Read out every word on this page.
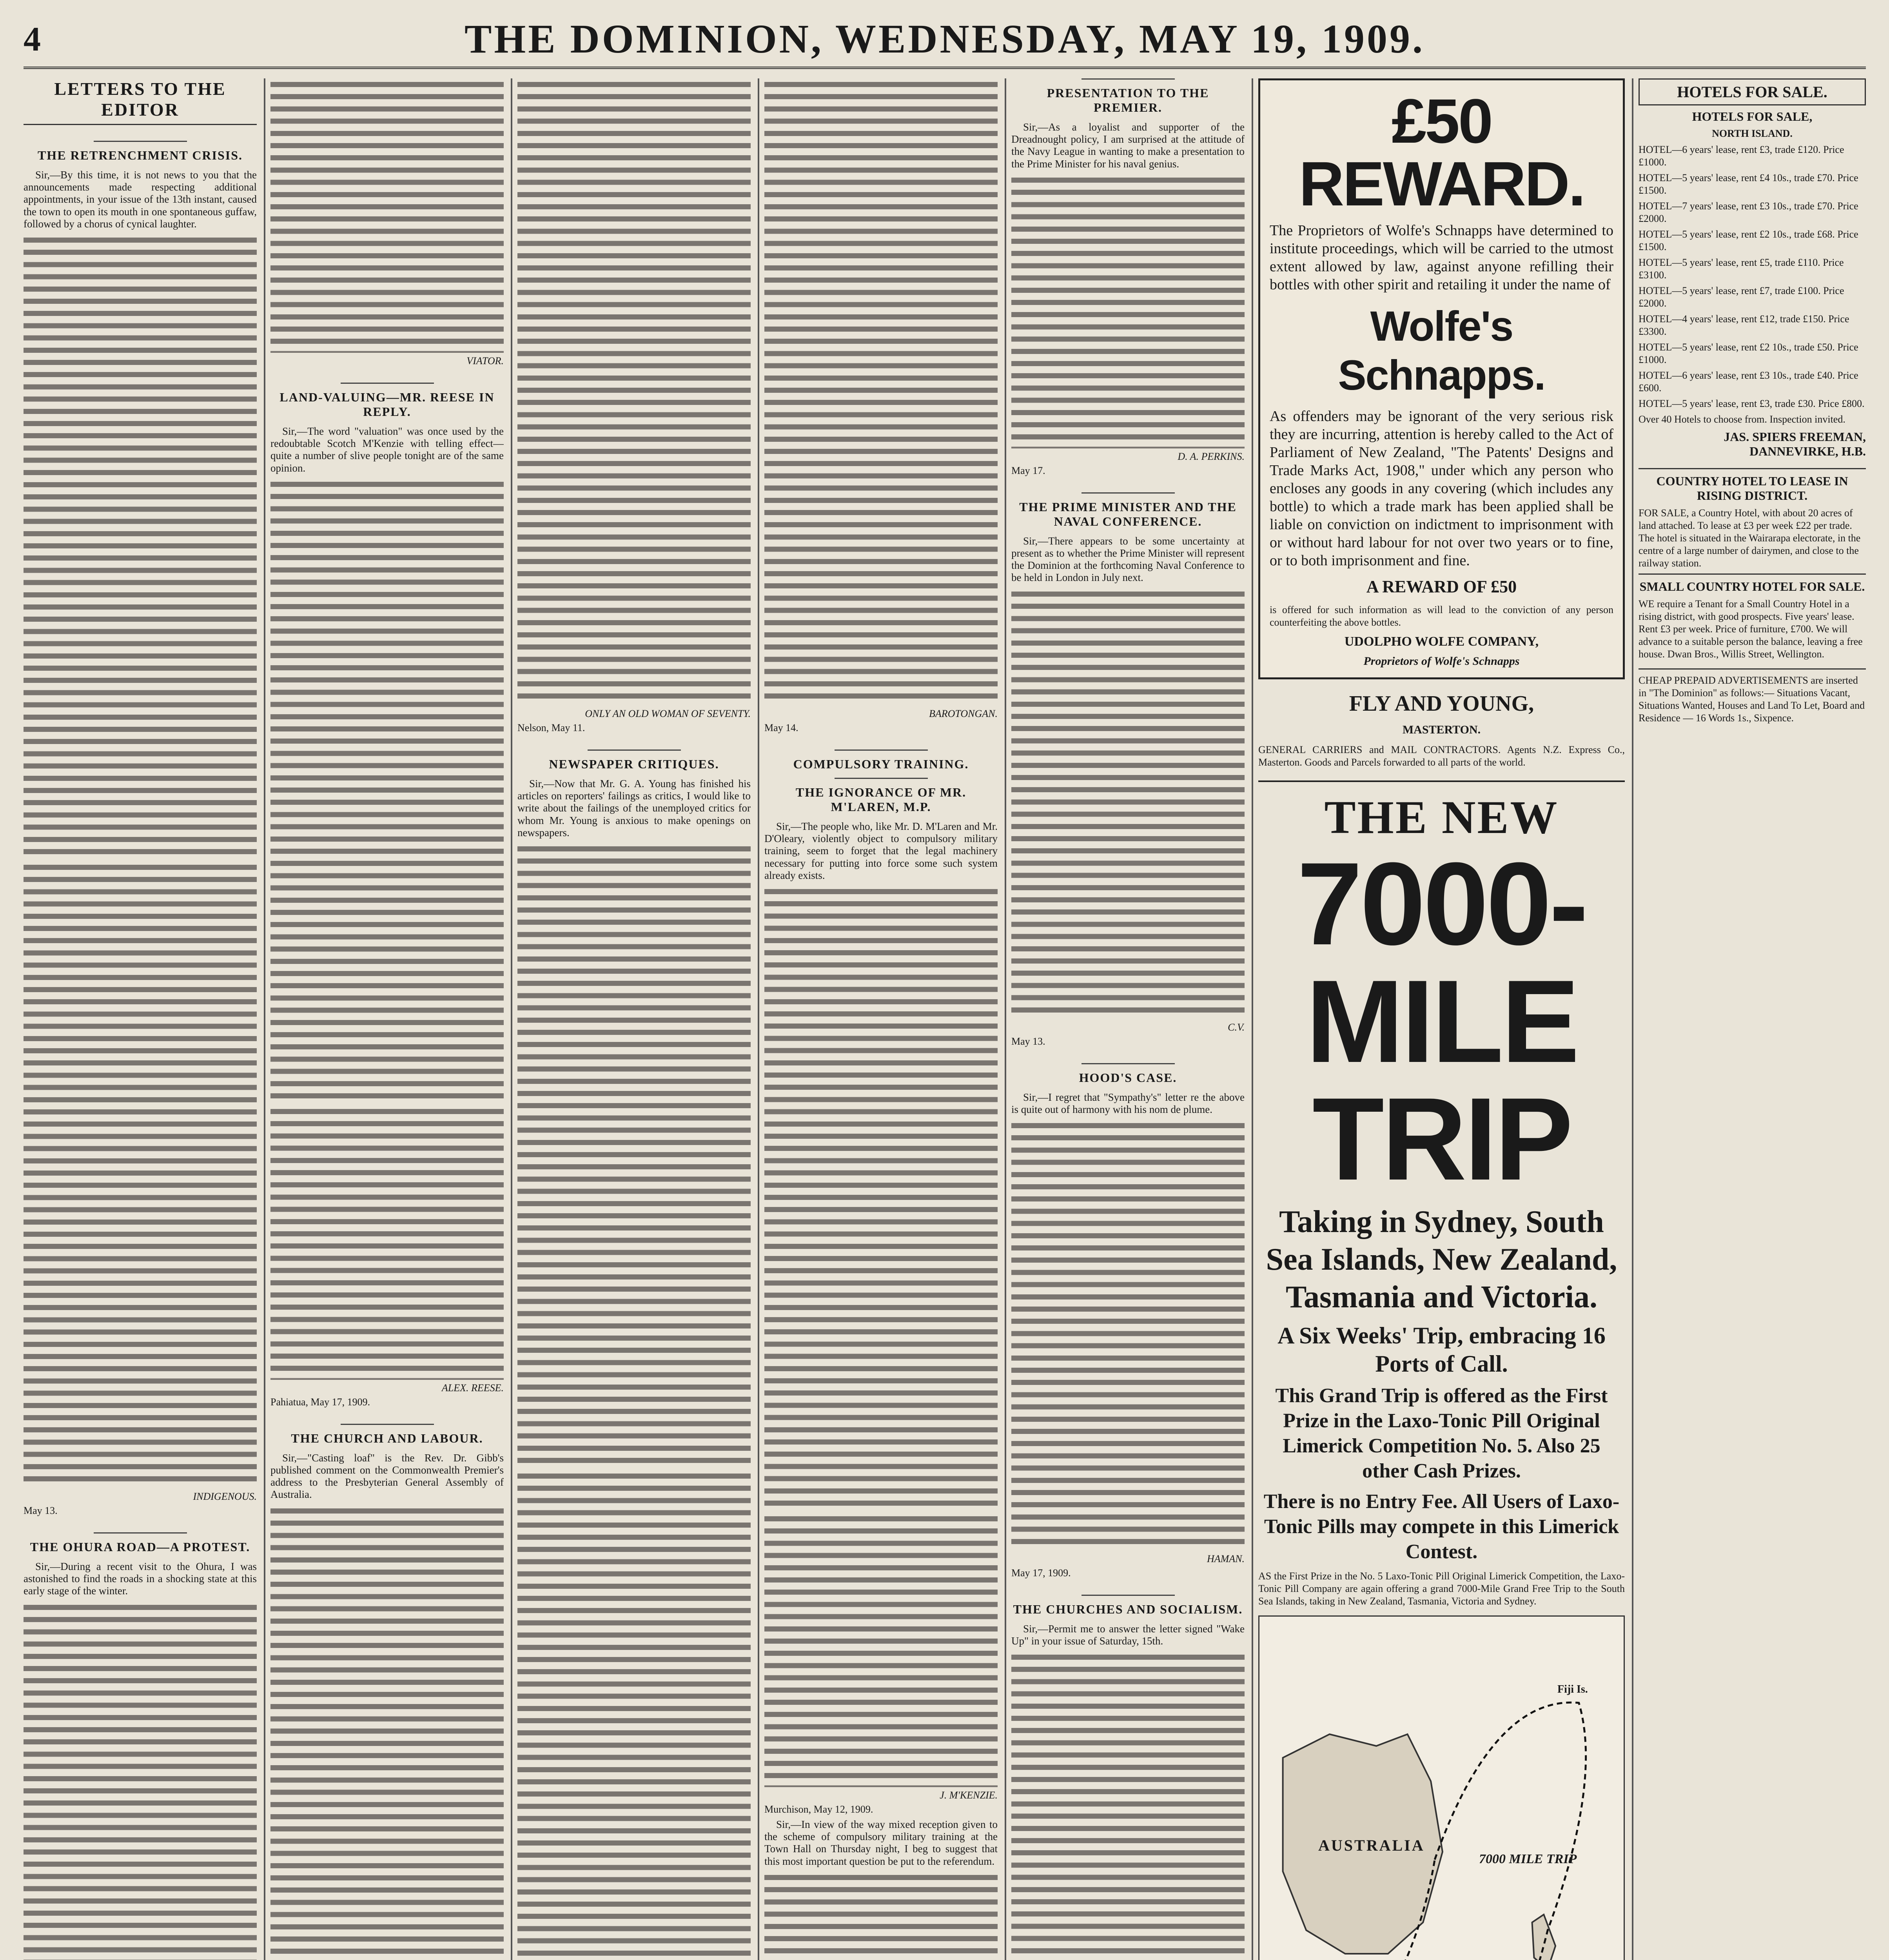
THE DOMINION, WEDNESDAY, MAY 19, 1909.
4
LETTERS TO THE EDITOR
THE RETRENCHMENT CRISIS.

Sir,—By this time, it is not news to you that the announcements made respecting additional appointments, in your issue of the 13th instant, caused the town to open its mouth in one spontaneous guffaw, followed by a chorus of cynical laughter.

INDIGENOUS.
May 13.
THE OHURA ROAD—A PROTEST.

Sir,—During a recent visit to the Ohura, I was astonished to find the roads in a shocking state at this early stage of the winter.

VIATOR.
LAND-VALUING—MR. REESE IN REPLY.

Sir,—The word "valuation" was once used by the redoubtable Scotch M'Kenzie with telling effect—quite a number of slive people tonight are of the same opinion.

ALEX. REESE.
Pahiatua, May 17, 1909.
THE CHURCH AND LABOUR.

Sir,—"Casting loaf" is the Rev. Dr. Gibb's published comment on the Commonwealth Premier's address to the Presbyterian General Assembly of Australia.

ONLY AN OLD WOMAN OF SEVENTY.
Nelson, May 11.
NEWSPAPER CRITIQUES.

Sir,—Now that Mr. G. A. Young has finished his articles on reporters' failings as critics, I would like to write about the failings of the unemployed critics for whom Mr. Young is anxious to make openings on newspapers.

BAROTONGAN.
May 14.
COMPULSORY TRAINING.
THE IGNORANCE OF MR. M'LAREN, M.P.

Sir,—The people who, like Mr. D. M'Laren and Mr. D'Oleary, violently object to compulsory military training, seem to forget that the legal machinery necessary for putting into force some such system already exists.

J. M'KENZIE.
Murchison, May 12, 1909.

Sir,—In view of the way mixed reception given to the scheme of compulsory military training at the Town Hall on Thursday night, I beg to suggest that this most important question be put to the referendum.

PRESENTATION TO THE PREMIER.

Sir,—As a loyalist and supporter of the Dreadnought policy, I am surprised at the attitude of the Navy League in wanting to make a presentation to the Prime Minister for his naval genius.

D. A. PERKINS.
May 17.
THE PRIME MINISTER AND THE NAVAL CONFERENCE.

Sir,—There appears to be some uncertainty at present as to whether the Prime Minister will represent the Dominion at the forthcoming Naval Conference to be held in London in July next.

C.V.
May 13.
HOOD'S CASE.

Sir,—I regret that "Sympathy's" letter re the above is quite out of harmony with his nom de plume.

HAMAN.
May 17, 1909.
THE CHURCHES AND SOCIALISM.

Sir,—Permit me to answer the letter signed "Wake Up" in your issue of Saturday, 15th.

£50 REWARD.
The Proprietors of Wolfe's Schnapps have determined to institute proceedings, which will be carried to the utmost extent allowed by law, against anyone refilling their bottles with other spirit and retailing it under the name of
Wolfe's Schnapps.
As offenders may be ignorant of the very serious risk they are incurring, attention is hereby called to the Act of Parliament of New Zealand, "The Patents' Designs and Trade Marks Act, 1908," under which any person who encloses any goods in any covering (which includes any bottle) to which a trade mark has been applied shall be liable on conviction on indictment to imprisonment with or without hard labour for not over two years or to fine, or to both imprisonment and fine.
A REWARD OF £50
is offered for such information as will lead to the conviction of any person counterfeiting the above bottles.
UDOLPHO WOLFE COMPANY,
Proprietors of Wolfe's Schnapps
FLY AND YOUNG,
MASTERTON.
GENERAL CARRIERS and MAIL CONTRACTORS. Agents N.Z. Express Co., Masterton. Goods and Parcels forwarded to all parts of the world.
THE NEW
7000-MILE TRIP
Taking in Sydney, South Sea Islands, New Zealand, Tasmania and Victoria.
A Six Weeks' Trip, embracing 16 Ports of Call.
This Grand Trip is offered as the First Prize in the Laxo-Tonic Pill Original Limerick Competition No. 5. Also 25 other Cash Prizes.
There is no Entry Fee. All Users of Laxo-Tonic Pills may compete in this Limerick Contest.
AS the First Prize in the No. 5 Laxo-Tonic Pill Original Limerick Competition, the Laxo-Tonic Pill Company are again offering a grand 7000-Mile Grand Free Trip to the South Sea Islands, taking in New Zealand, Tasmania, Victoria and Sydney.
Fiji Is.
AUSTRALIA
7000 MILE TRIP
HOTELS FOR SALE.
HOTELS FOR SALE,
NORTH ISLAND.
HOTEL—6 years' lease, rent £3, trade £120. Price £1000.
HOTEL—5 years' lease, rent £4 10s., trade £70. Price £1500.
HOTEL—7 years' lease, rent £3 10s., trade £70. Price £2000.
HOTEL—5 years' lease, rent £2 10s., trade £68. Price £1500.
HOTEL—5 years' lease, rent £5, trade £110. Price £3100.
HOTEL—5 years' lease, rent £7, trade £100. Price £2000.
HOTEL—4 years' lease, rent £12, trade £150. Price £3300.
HOTEL—5 years' lease, rent £2 10s., trade £50. Price £1000.
HOTEL—6 years' lease, rent £3 10s., trade £40. Price £600.
HOTEL—5 years' lease, rent £3, trade £30. Price £800.
Over 40 Hotels to choose from. Inspection invited.
JAS. SPIERS FREEMAN, DANNEVIRKE, H.B.
COUNTRY HOTEL TO LEASE IN RISING DISTRICT.
FOR SALE, a Country Hotel, with about 20 acres of land attached. To lease at £3 per week £22 per trade. The hotel is situated in the Wairarapa electorate, in the centre of a large number of dairymen, and close to the railway station.
SMALL COUNTRY HOTEL FOR SALE.
WE require a Tenant for a Small Country Hotel in a rising district, with good prospects. Five years' lease. Rent £3 per week. Price of furniture, £700. We will advance to a suitable person the balance, leaving a free house. Dwan Bros., Willis Street, Wellington.
CHEAP PREPAID ADVERTISEMENTS are inserted in "The Dominion" as follows:— Situations Vacant, Situations Wanted, Houses and Land To Let, Board and Residence — 16 Words 1s., Sixpence.
